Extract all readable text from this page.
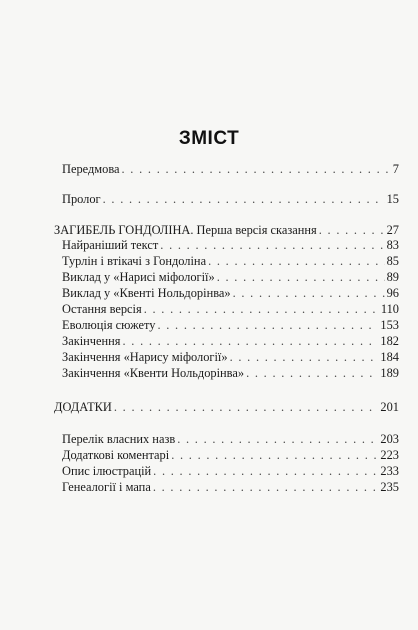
ЗМІСТ
Передмова . . .	7
Пролог . . .	15
ЗАГИБЕЛЬ ГОНДОЛІНА. Перша версія сказання . . .	27
Найраніший текст . . .	83
Турлін і втікачі з Гондоліна . . .	85
Виклад у «Нарисі міфології» . . .	89
Виклад у «Квенті Нольдорінва» . . .	96
Остання версія . . .	110
Еволюція сюжету . . .	153
Закінчення . . .	182
Закінчення «Нарису міфології» . . .	184
Закінчення «Квенти Нольдорінва» . . .	189
ДОДАТКИ . . .	201
Перелік власних назв . . .	203
Додаткові коментарі . . .	223
Опис ілюстрацій . . .	233
Генеалогії і мапа . . .	235
